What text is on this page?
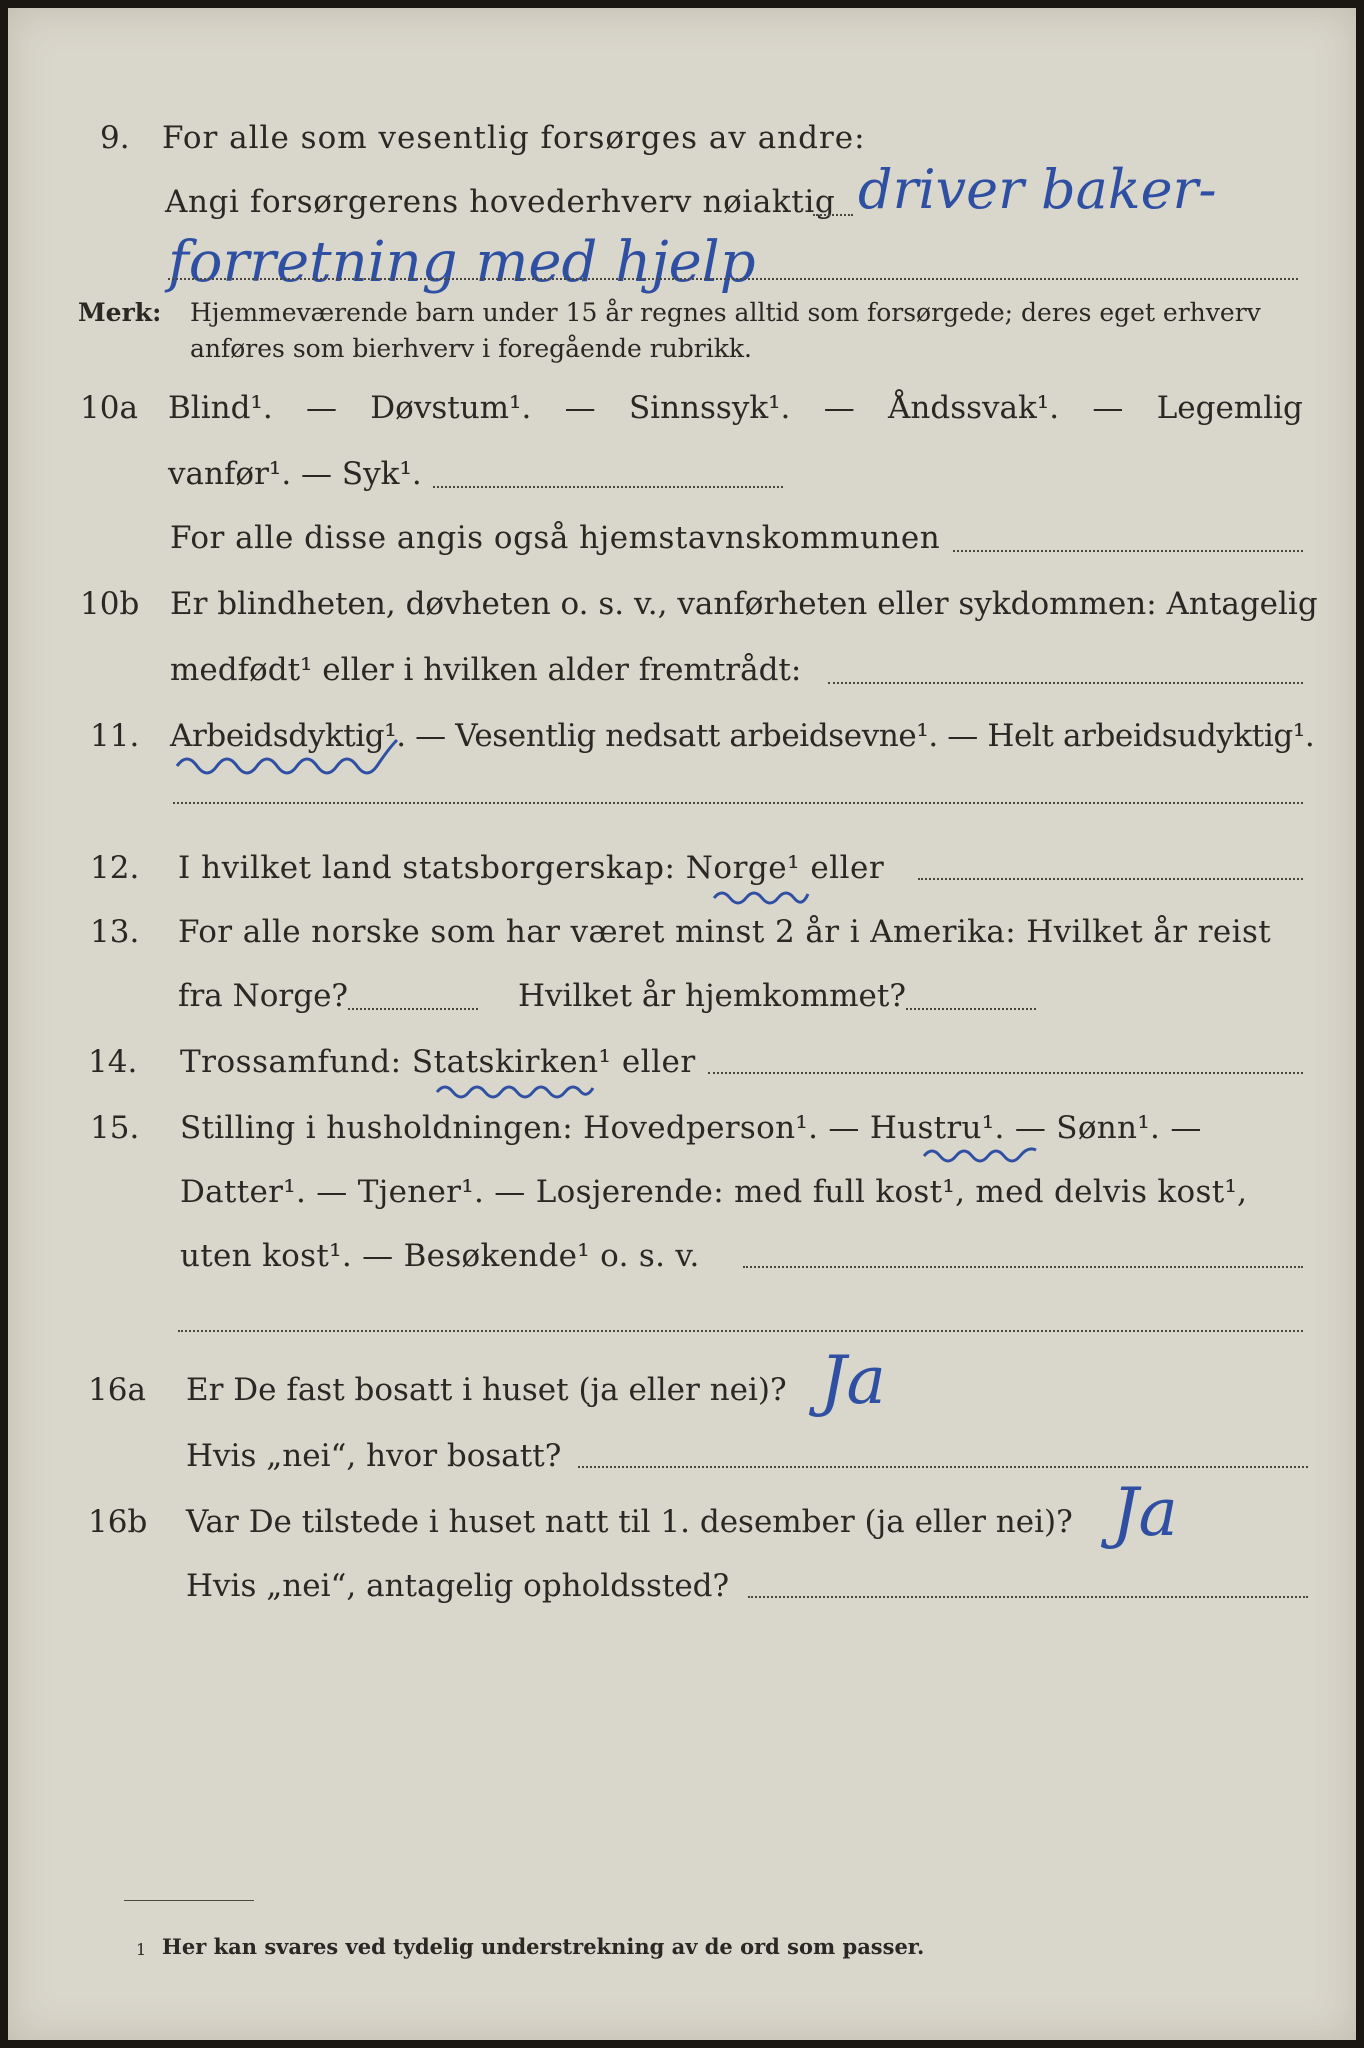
9. For alle som vesentlig forsørges av andre:
Angi forsørgerens hovederhverv nøiaktig driver baker-
forretning med hjelp
Merk: Hjemmeværende barn under 15 år regnes alltid som forsørgede; deres eget erhverv
anføres som bierhverv i foregående rubrikk.
10a Blind¹. — Døvstum¹. — Sinnssyk¹. — Åndssvak¹. — Legemlig
vanfør¹. — Syk¹.
For alle disse angis også hjemstavnskommunen
10b Er blindheten, døvheten o. s. v., vanførheten eller sykdommen: Antagelig
medfødt¹ eller i hvilken alder fremtrådt:
11. Arbeidsdyktig¹. — Vesentlig nedsatt arbeidsevne¹. — Helt arbeidsudyktig¹.
12. I hvilket land statsborgerskap: Norge¹ eller
13. For alle norske som har været minst 2 år i Amerika: Hvilket år reist
fra Norge?	Hvilket år hjemkommet?
14. Trossamfund: Statskirken¹ eller
15. Stilling i husholdningen: Hovedperson¹. — Hustru¹. — Sønn¹. —
Datter¹. — Tjener¹. — Losjerende: med full kost¹, med delvis kost¹,
uten kost¹. — Besøkende¹ o. s. v.
16a Er De fast bosatt i huset (ja eller nei)? Ja
Hvis „nei“, hvor bosatt?
16b Var De tilstede i huset natt til 1. desember (ja eller nei)? Ja
Hvis „nei“, antagelig opholdssted?
1 Her kan svares ved tydelig understrekning av de ord som passer.
